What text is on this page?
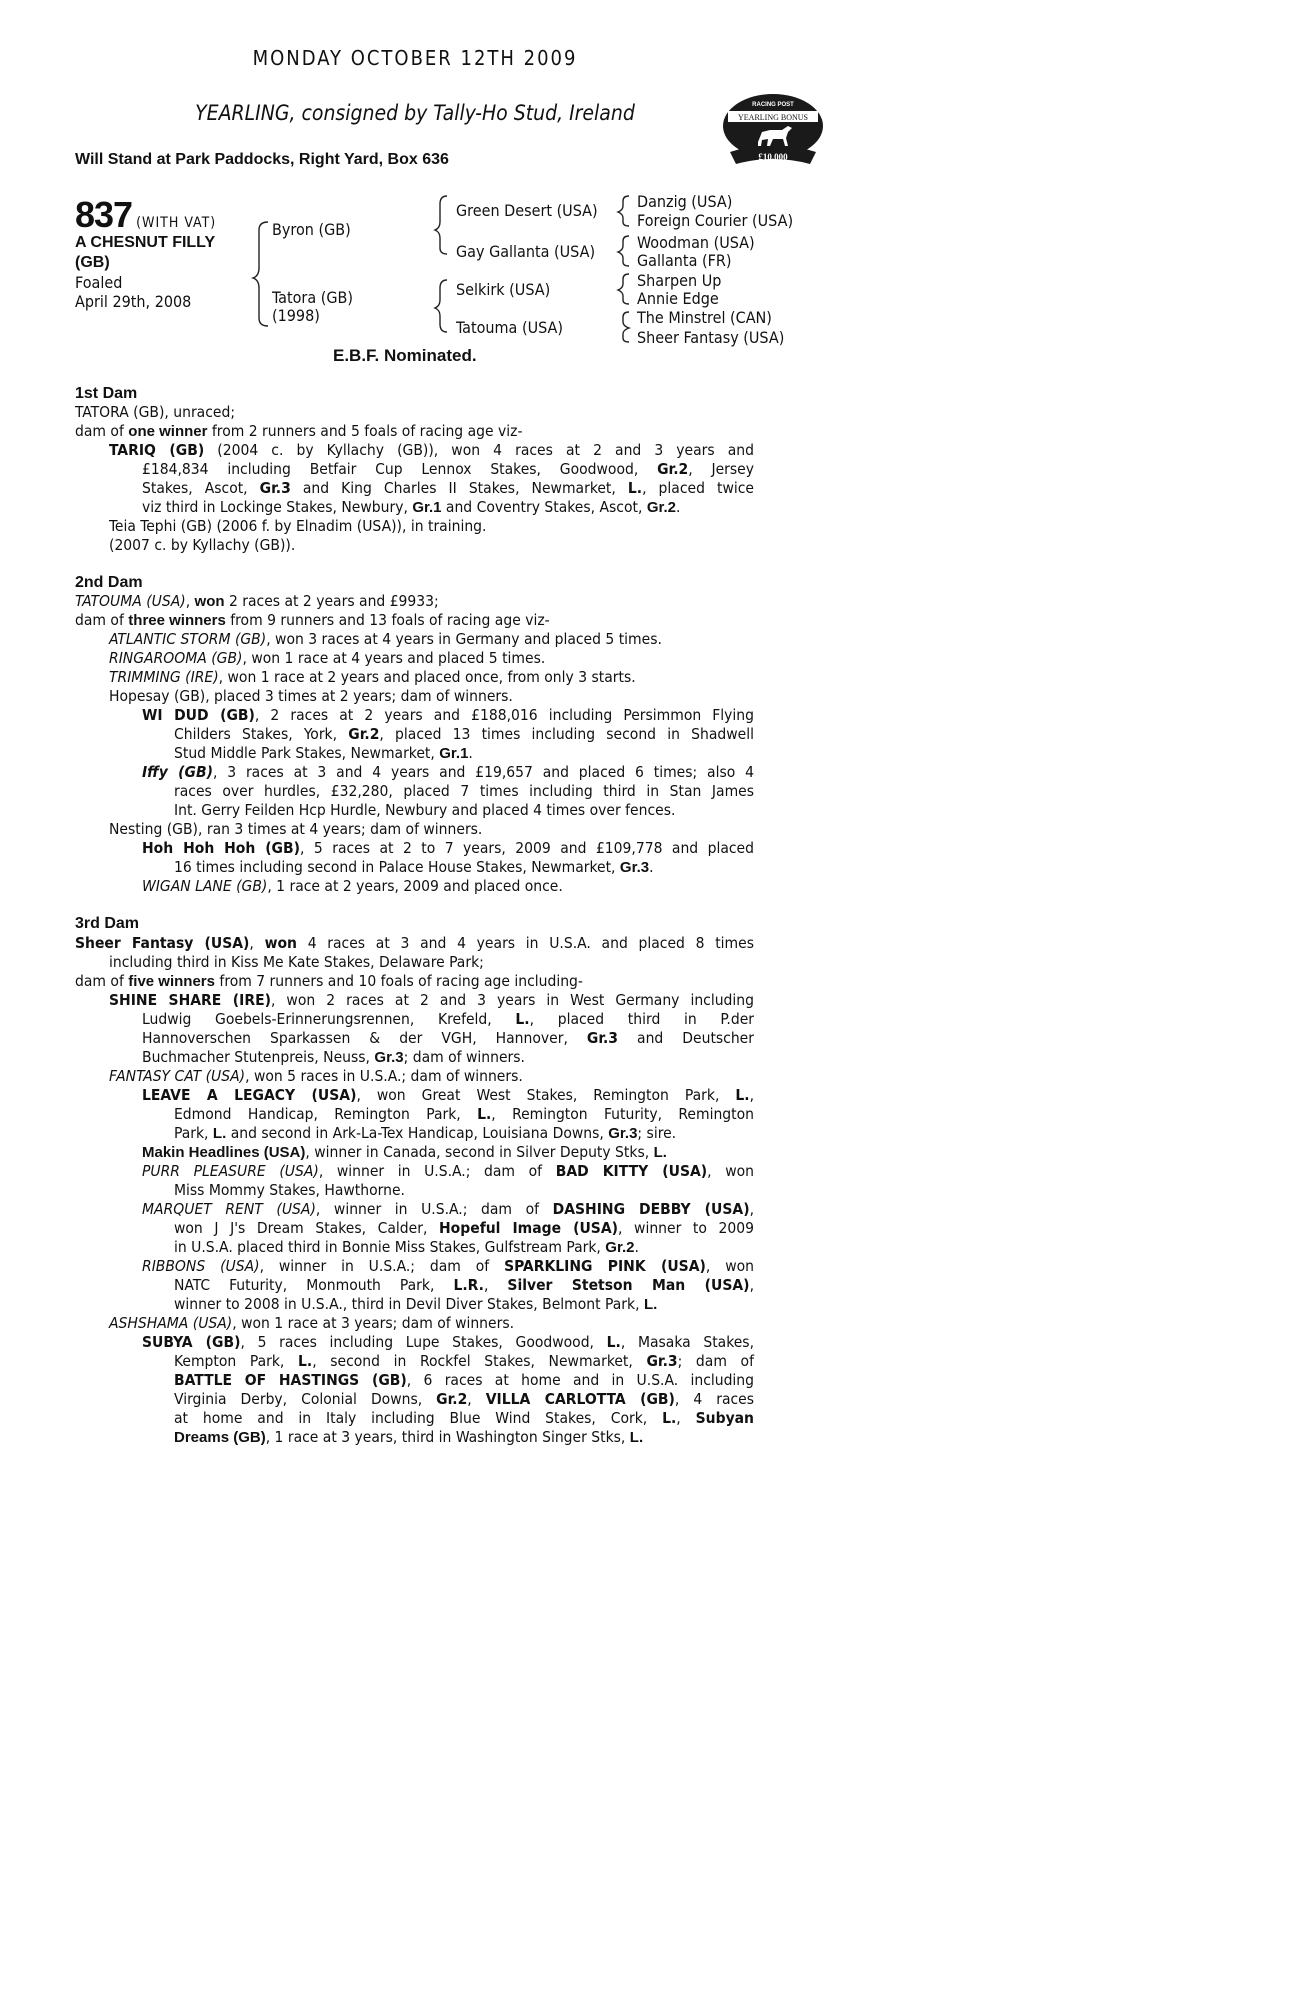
MONDAY OCTOBER 12TH 2009
YEARLING, consigned by Tally-Ho Stud, Ireland
Will Stand at Park Paddocks, Right Yard, Box 636
RACING POST
YEARLING BONUS
£10,000
837 (WITH VAT)
A CHESNUT FILLY
(GB)
Foaled
April 29th, 2008
Byron (GB)
Tatora (GB)
(1998)
Green Desert (USA)
Gay Gallanta (USA)
Selkirk (USA)
Tatouma (USA)
Danzig (USA)
Foreign Courier (USA)
Woodman (USA)
Gallanta (FR)
Sharpen Up
Annie Edge
The Minstrel (CAN)
Sheer Fantasy (USA)
E.B.F. Nominated.
1st Dam
TATORA (GB), unraced;
dam of one winner from 2 runners and 5 foals of racing age viz-
TARIQ (GB) (2004 c. by Kyllachy (GB)), won 4 races at 2 and 3 years and
£184,834 including Betfair Cup Lennox Stakes, Goodwood, Gr.2, Jersey
Stakes, Ascot, Gr.3 and King Charles II Stakes, Newmarket, L., placed twice
viz third in Lockinge Stakes, Newbury, Gr.1 and Coventry Stakes, Ascot, Gr.2.
Teia Tephi (GB) (2006 f. by Elnadim (USA)), in training.
(2007 c. by Kyllachy (GB)).
2nd Dam
TATOUMA (USA), won 2 races at 2 years and £9933;
dam of three winners from 9 runners and 13 foals of racing age viz-
ATLANTIC STORM (GB), won 3 races at 4 years in Germany and placed 5 times.
RINGAROOMA (GB), won 1 race at 4 years and placed 5 times.
TRIMMING (IRE), won 1 race at 2 years and placed once, from only 3 starts.
Hopesay (GB), placed 3 times at 2 years; dam of winners.
WI DUD (GB), 2 races at 2 years and £188,016 including Persimmon Flying
Childers Stakes, York, Gr.2, placed 13 times including second in Shadwell
Stud Middle Park Stakes, Newmarket, Gr.1.
Iffy (GB), 3 races at 3 and 4 years and £19,657 and placed 6 times; also 4
races over hurdles, £32,280, placed 7 times including third in Stan James
Int. Gerry Feilden Hcp Hurdle, Newbury and placed 4 times over fences.
Nesting (GB), ran 3 times at 4 years; dam of winners.
Hoh Hoh Hoh (GB), 5 races at 2 to 7 years, 2009 and £109,778 and placed
16 times including second in Palace House Stakes, Newmarket, Gr.3.
WIGAN LANE (GB), 1 race at 2 years, 2009 and placed once.
3rd Dam
Sheer Fantasy (USA), won 4 races at 3 and 4 years in U.S.A. and placed 8 times
including third in Kiss Me Kate Stakes, Delaware Park;
dam of five winners from 7 runners and 10 foals of racing age including-
SHINE SHARE (IRE), won 2 races at 2 and 3 years in West Germany including
Ludwig Goebels-Erinnerungsrennen, Krefeld, L., placed third in P.der
Hannoverschen Sparkassen & der VGH, Hannover, Gr.3 and Deutscher
Buchmacher Stutenpreis, Neuss, Gr.3; dam of winners.
FANTASY CAT (USA), won 5 races in U.S.A.; dam of winners.
LEAVE A LEGACY (USA), won Great West Stakes, Remington Park, L.,
Edmond Handicap, Remington Park, L., Remington Futurity, Remington
Park, L. and second in Ark-La-Tex Handicap, Louisiana Downs, Gr.3; sire.
Makin Headlines (USA), winner in Canada, second in Silver Deputy Stks, L.
PURR PLEASURE (USA), winner in U.S.A.; dam of BAD KITTY (USA), won
Miss Mommy Stakes, Hawthorne.
MARQUET RENT (USA), winner in U.S.A.; dam of DASHING DEBBY (USA),
won J J's Dream Stakes, Calder, Hopeful Image (USA), winner to 2009
in U.S.A. placed third in Bonnie Miss Stakes, Gulfstream Park, Gr.2.
RIBBONS (USA), winner in U.S.A.; dam of SPARKLING PINK (USA), won
NATC Futurity, Monmouth Park, L.R., Silver Stetson Man (USA),
winner to 2008 in U.S.A., third in Devil Diver Stakes, Belmont Park, L.
ASHSHAMA (USA), won 1 race at 3 years; dam of winners.
SUBYA (GB), 5 races including Lupe Stakes, Goodwood, L., Masaka Stakes,
Kempton Park, L., second in Rockfel Stakes, Newmarket, Gr.3; dam of
BATTLE OF HASTINGS (GB), 6 races at home and in U.S.A. including
Virginia Derby, Colonial Downs, Gr.2, VILLA CARLOTTA (GB), 4 races
at home and in Italy including Blue Wind Stakes, Cork, L., Subyan
Dreams (GB), 1 race at 3 years, third in Washington Singer Stks, L.
